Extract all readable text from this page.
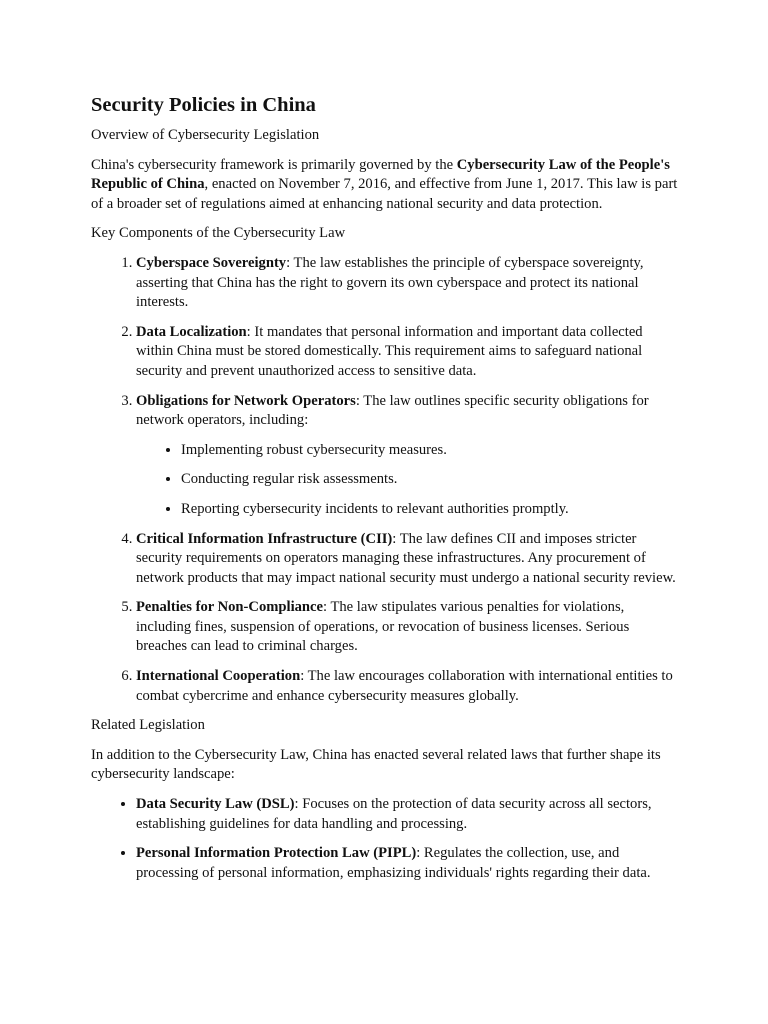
Security Policies in China

Overview of Cybersecurity Legislation

China's cybersecurity framework is primarily governed by the Cybersecurity Law of the People's Republic of China, enacted on November 7, 2016, and effective from June 1, 2017. This law is part of a broader set of regulations aimed at enhancing national security and data protection.

Key Components of the Cybersecurity Law

1. Cyberspace Sovereignty: The law establishes the principle of cyberspace sovereignty, asserting that China has the right to govern its own cyberspace and protect its national interests.
2. Data Localization: It mandates that personal information and important data collected within China must be stored domestically. This requirement aims to safeguard national security and prevent unauthorized access to sensitive data.
3. Obligations for Network Operators: The law outlines specific security obligations for network operators, including:
• Implementing robust cybersecurity measures.
• Conducting regular risk assessments.
• Reporting cybersecurity incidents to relevant authorities promptly.
4. Critical Information Infrastructure (CII): The law defines CII and imposes stricter security requirements on operators managing these infrastructures. Any procurement of network products that may impact national security must undergo a national security review.
5. Penalties for Non-Compliance: The law stipulates various penalties for violations, including fines, suspension of operations, or revocation of business licenses. Serious breaches can lead to criminal charges.
6. International Cooperation: The law encourages collaboration with international entities to combat cybercrime and enhance cybersecurity measures globally.

Related Legislation

In addition to the Cybersecurity Law, China has enacted several related laws that further shape its cybersecurity landscape:

• Data Security Law (DSL): Focuses on the protection of data security across all sectors, establishing guidelines for data handling and processing.
• Personal Information Protection Law (PIPL): Regulates the collection, use, and processing of personal information, emphasizing individuals' rights regarding their data.
